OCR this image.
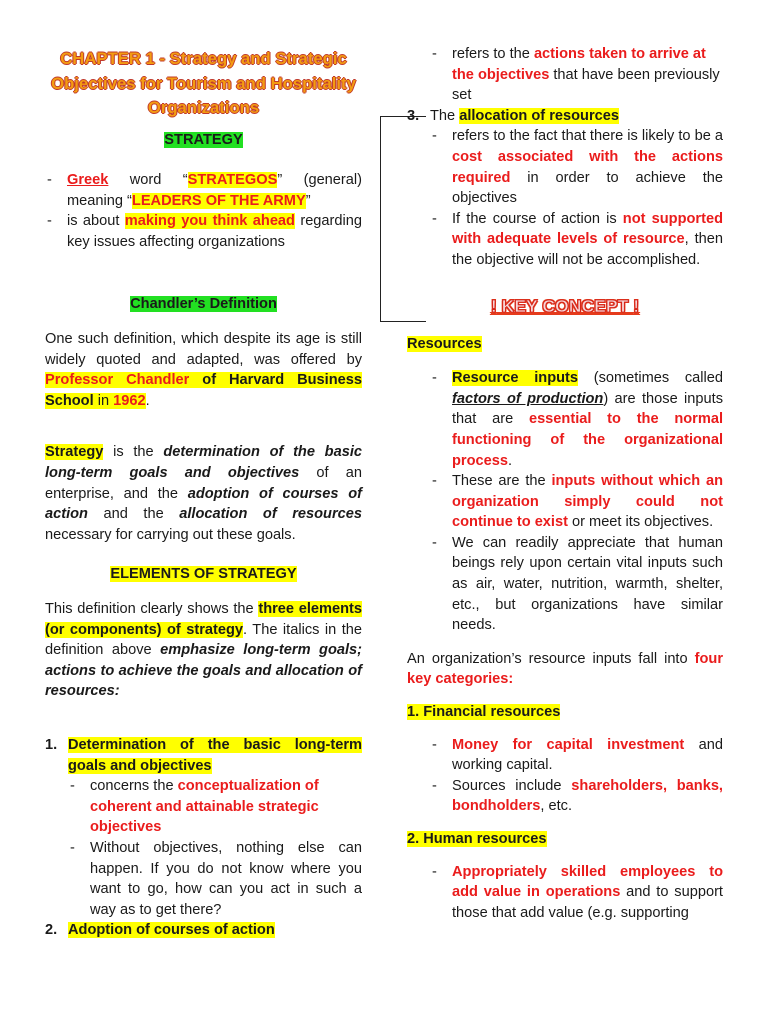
CHAPTER 1 - Strategy and Strategic Objectives for Tourism and Hospitality Organizations

STRATEGY

- Greek word “STRATEGOS” (general) meaning “LEADERS OF THE ARMY”

- is about making you think ahead regarding key issues affecting organizations

Chandler’s Definition

One such definition, which despite its age is still widely quoted and adapted, was offered by Professor Chandler of Harvard Business School in 1962.

Strategy is the determination of the basic long-term goals and objectives of an enterprise, and the adoption of courses of action and the allocation of resources necessary for carrying out these goals.

ELEMENTS OF STRATEGY

This definition clearly shows the three elements (or components) of strategy. The italics in the definition above emphasize long-term goals; actions to achieve the goals and allocation of resources:

1. Determination of the basic long-term goals and objectives

- concerns the conceptualization of coherent and attainable strategic objectives

- Without objectives, nothing else can happen. If you do not know where you want to go, how can you act in such a way as to get there?

2. Adoption of courses of action

- refers to the actions taken to arrive at the objectives that have been previously set

3. The allocation of resources

- refers to the fact that there is likely to be a cost associated with the actions required in order to achieve the objectives

- If the course of action is not supported with adequate levels of resource, then the objective will not be accomplished.

! KEY CONCEPT !

Resources

- Resource inputs (sometimes called factors of production) are those inputs that are essential to the normal functioning of the organizational process.

- These are the inputs without which an organization simply could not continue to exist or meet its objectives.

- We can readily appreciate that human beings rely upon certain vital inputs such as air, water, nutrition, warmth, shelter, etc., but organizations have similar needs.

An organization’s resource inputs fall into four key categories:

1. Financial resources

- Money for capital investment and working capital.

- Sources include shareholders, banks, bondholders, etc.

2. Human resources

- Appropriately skilled employees to add value in operations and to support those that add value (e.g. supporting
